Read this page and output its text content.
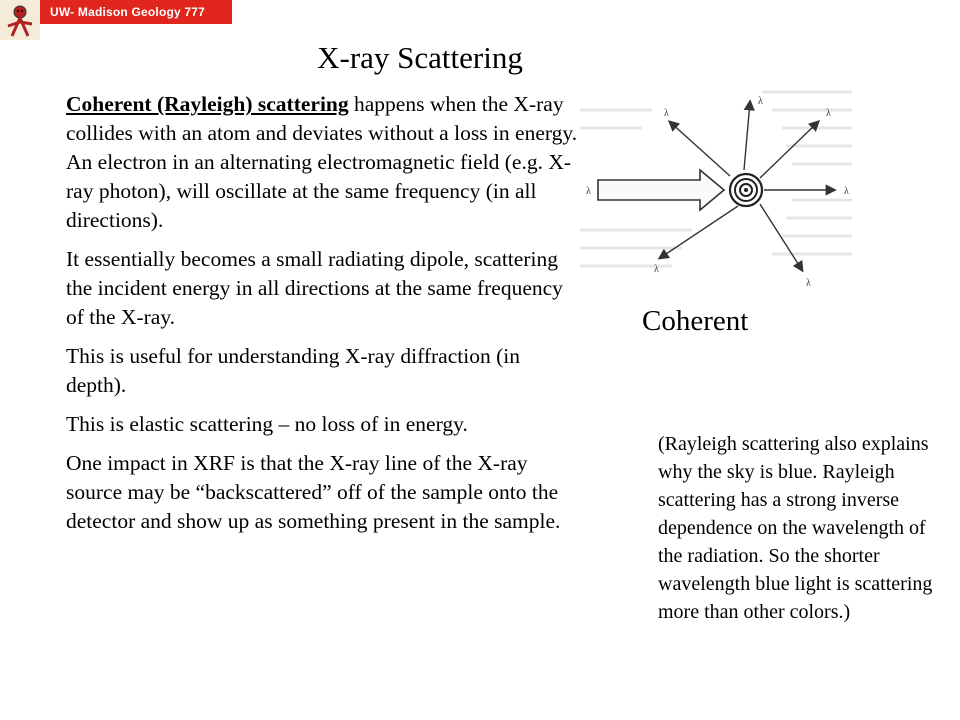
UW- Madison Geology 777
X-ray Scattering

Coherent (Rayleigh) scattering happens when the X-ray collides with an atom and deviates without a loss in energy. An electron in an alternating electromagnetic field (e.g. X-ray photon), will oscillate at the same frequency (in all directions).

It essentially becomes a small radiating dipole, scattering the incident energy in all directions at the same frequency of the X-ray.

This is useful for understanding X-ray diffraction (in depth).

This is elastic scattering – no loss of in energy.

One impact in XRF is that the X-ray line of the X-ray source may be “backscattered” off of the sample onto the detector and show up as something present in the sample.

λ
λ
λ
λ
λ
λ
λ
Coherent
(Rayleigh scattering also explains why the sky is blue. Rayleigh scattering has a strong inverse dependence on the wavelength of the radiation. So the shorter wavelength blue light is scattering more than other colors.)
